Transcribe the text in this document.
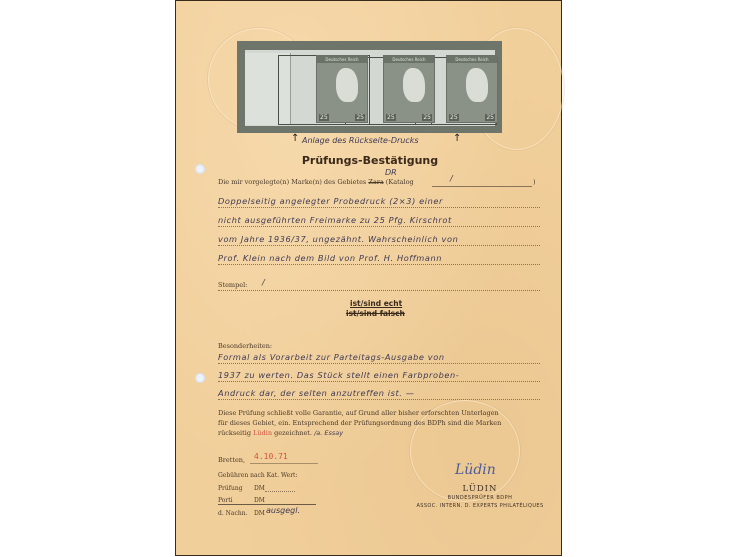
Deutsches Reich
25	25
Deutsches Reich
25	25
Deutsches Reich
25	25
↑ Anlage des Rückseite-Drucks	↑
Prüfungs-Bestätigung
DR
Die mir vorgelegte(n) Marke(n) des Gebietes Zara (Katalog	/	)
Doppelseitig angelegter Probedruck (2×3) einer
nicht ausgeführten Freimarke zu 25 Pfg. Kirschrot
vom Jahre 1936/37, ungezähnt. Wahrscheinlich von
Prof. Klein nach dem Bild von Prof. H. Hoffmann
Stempel: /
ist/sind echt
ist/sind falsch
Besonderheiten:
Formal als Vorarbeit zur Parteitags-Ausgabe von
1937 zu werten. Das Stück stellt einen Farbproben-
Andruck dar, der selten anzutreffen ist. —
Diese Prüfung schließt volle Garantie, auf Grund aller bisher erforschten Unterlagen
für dieses Gebiet, ein. Entsprechend der Prüfungsordnung des BDPh sind die Marken
rückseitig Lüdin gezeichnet. /a. Essay
Bretten, 4.10.71
Gebühren nach Kat. Wert:
Prüfung DM
Porti	DM
d. Nachn. DM ausgegl.
Lüdin
LÜDIN
BUNDESPRÜFER BDPH
ASSOC. INTERN. D. EXPERTS PHILATÉLIQUES
